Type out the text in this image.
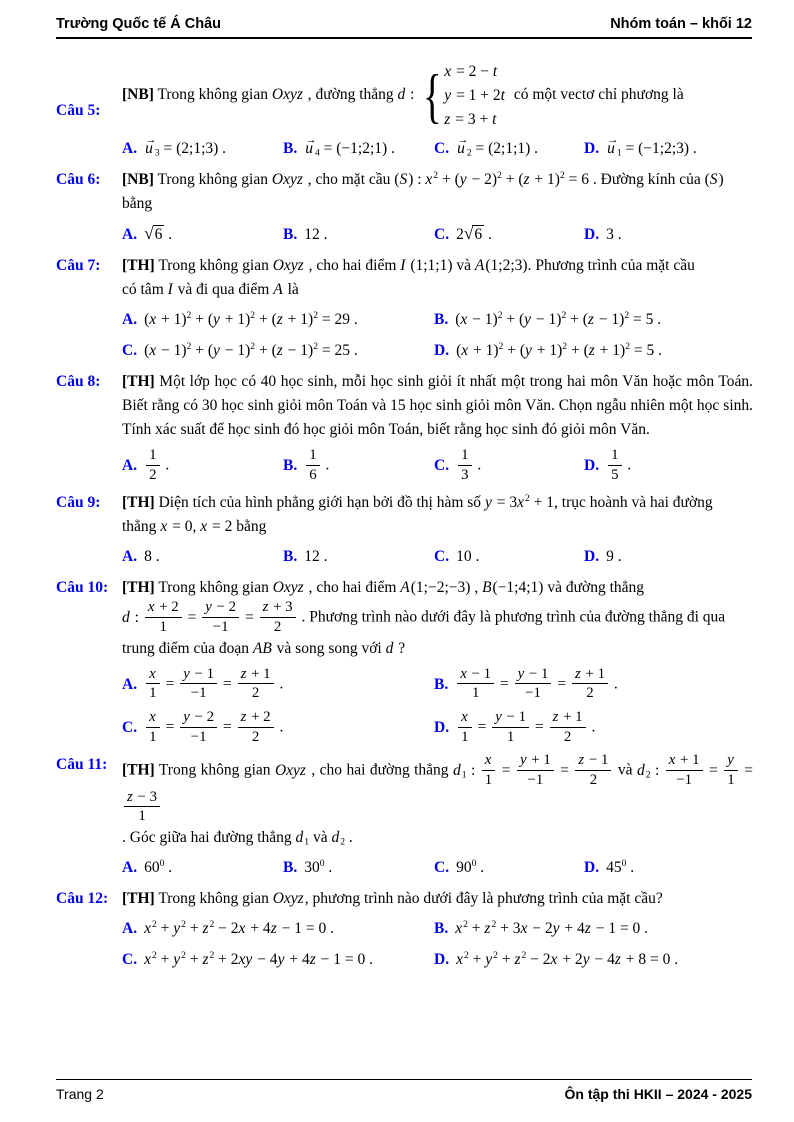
Trường Quốc tế Á Châu	Nhóm toán – khối 12
Câu 5:

[NB] Trong không gian Oxyz , đường thẳng d : { x = 2 − t
y = 1 + 2t
z = 3 + t
có một vectơ chỉ phương là

A. → u $_3$ = (2;1;3) .	B. → u $_4$ = (−1;2;1) .	C. → u $_2$ = (2;1;1) .	D. → u $_1$ = (−1;2;3) .
Câu 6:	[NB] Trong không gian Oxyz , cho mặt cầu (S) : $x^2 + (y - 2)^2 + (z + 1)^2 = 6$ . Đường kính của (S)
bằng

A. √6 .	B. 12 .	C. 2√6 .	D. 3 .
Câu 7:	[TH] Trong không gian Oxyz , cho hai điểm I (1;1;1) và A(1;2;3). Phương trình của mặt cầu
có tâm I và đi qua điểm A là

A. $(x + 1)^2 + (y + 1)^2 + (z + 1)^2 = 29$ .	B. $(x - 1)^2 + (y - 1)^2 + (z - 1)^2 = 5$ .
C. $(x - 1)^2 + (y - 1)^2 + (z - 1)^2 = 25$ .	D. $(x + 1)^2 + (y + 1)^2 + (z + 1)^2 = 5$ .
Câu 8:	[TH] Một lớp học có 40 học sinh, mỗi học sinh giỏi ít nhất một trong hai môn Văn hoặc môn Toán. Biết rằng có 30 học sinh giỏi môn Toán và 15 học sinh giỏi môn Văn. Chọn ngẫu nhiên một học sinh. Tính xác suất để học sinh đó học giỏi môn Toán, biết rằng học sinh đó giỏi môn Văn.

A. $\frac{1}{2}$ .	B. $\frac{1}{6}$ .	C. $\frac{1}{3}$ .	D. $\frac{1}{5}$ .
Câu 9:	[TH] Diện tích của hình phẳng giới hạn bởi đồ thị hàm số $y = 3x^2 + 1$, trục hoành và hai đường
thẳng x = 0, x = 2 bằng

A. 8 .	B. 12 .	C. 10 .	D. 9 .
Câu 10: [TH] Trong không gian Oxyz , cho hai điểm A(1;−2;−3) , B(−1;4;1) và đường thẳng
d : $\frac{x + 2}{1} = \frac{y - 2}{-1} = \frac{z + 3}{2}$ . Phương trình nào dưới đây là phương trình của đường thẳng đi qua
trung điểm của đoạn AB và song song với d ?

A. $\frac{x}{1} = \frac{y - 1}{-1} = \frac{z + 1}{2}$ .	B. $\frac{x - 1}{1} = \frac{y - 1}{-1} = \frac{z + 1}{2}$ .
C. $\frac{x}{1} = \frac{y - 2}{-1} = \frac{z + 2}{2}$ .	D. $\frac{x}{1} = \frac{y - 1}{1} = \frac{z + 1}{2}$ .
Câu 11: [TH] Trong không gian Oxyz , cho hai đường thẳng $d_1$ : $\frac{x}{1} = \frac{y + 1}{-1} = \frac{z - 1}{2}$ và $d_2$ : $\frac{x + 1}{-1} = \frac{y}{1}$ =
$\frac{z - 3}{1}$

. Góc giữa hai đường thẳng $d_1$ và $d_2$ .

A. $60^0$ .	B. $30^0$ .	C. $90^0$ .	D. $45^0$ .
Câu 12: [TH] Trong không gian Oxyz, phương trình nào dưới đây là phương trình của mặt cầu?

A. $x^2 + y^2 + z^2 - 2x + 4z - 1 = 0$ .	B. $x^2 + z^2 + 3x - 2y + 4z - 1 = 0$ .
C. $x^2 + y^2 + z^2 + 2xy - 4y + 4z - 1 = 0$ .	D. $x^2 + y^2 + z^2 - 2x + 2y - 4z + 8 = 0$ .
Trang 2	Ôn tập thi HKII – 2024 - 2025
